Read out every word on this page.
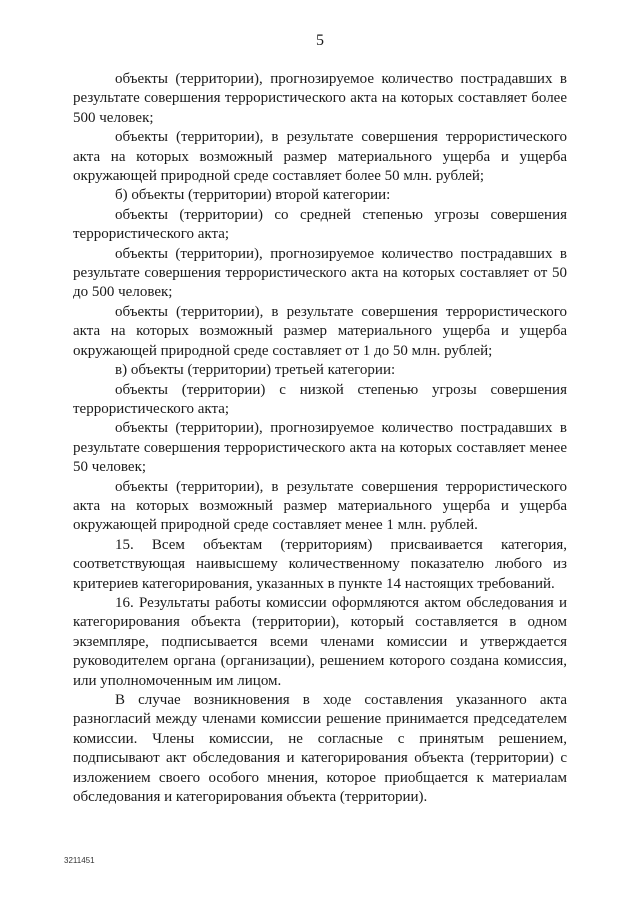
5

объекты (территории), прогнозируемое количество пострадавших в результате совершения террористического акта на которых составляет более 500 человек;

объекты (территории), в результате совершения террористического акта на которых возможный размер материального ущерба и ущерба окружающей природной среде составляет более 50 млн. рублей;

б) объекты (территории) второй категории:

объекты (территории) со средней степенью угрозы совершения террористического акта;

объекты (территории), прогнозируемое количество пострадавших в результате совершения террористического акта на которых составляет от 50 до 500 человек;

объекты (территории), в результате совершения террористического акта на которых возможный размер материального ущерба и ущерба окружающей природной среде составляет от 1 до 50 млн. рублей;

в) объекты (территории) третьей категории:

объекты (территории) с низкой степенью угрозы совершения террористического акта;

объекты (территории), прогнозируемое количество пострадавших в результате совершения террористического акта на которых составляет менее 50 человек;

объекты (территории), в результате совершения террористического акта на которых возможный размер материального ущерба и ущерба окружающей природной среде составляет менее 1 млн. рублей.

15. Всем объектам (территориям) присваивается категория, соответствующая наивысшему количественному показателю любого из критериев категорирования, указанных в пункте 14 настоящих требований.

16. Результаты работы комиссии оформляются актом обследования и категорирования объекта (территории), который составляется в одном экземпляре, подписывается всеми членами комиссии и утверждается руководителем органа (организации), решением которого создана комиссия, или уполномоченным им лицом.

В случае возникновения в ходе составления указанного акта разногласий между членами комиссии решение принимается председателем комиссии. Члены комиссии, не согласные с принятым решением, подписывают акт обследования и категорирования объекта (территории) с изложением своего особого мнения, которое приобщается к материалам обследования и категорирования объекта (территории).

3211451
